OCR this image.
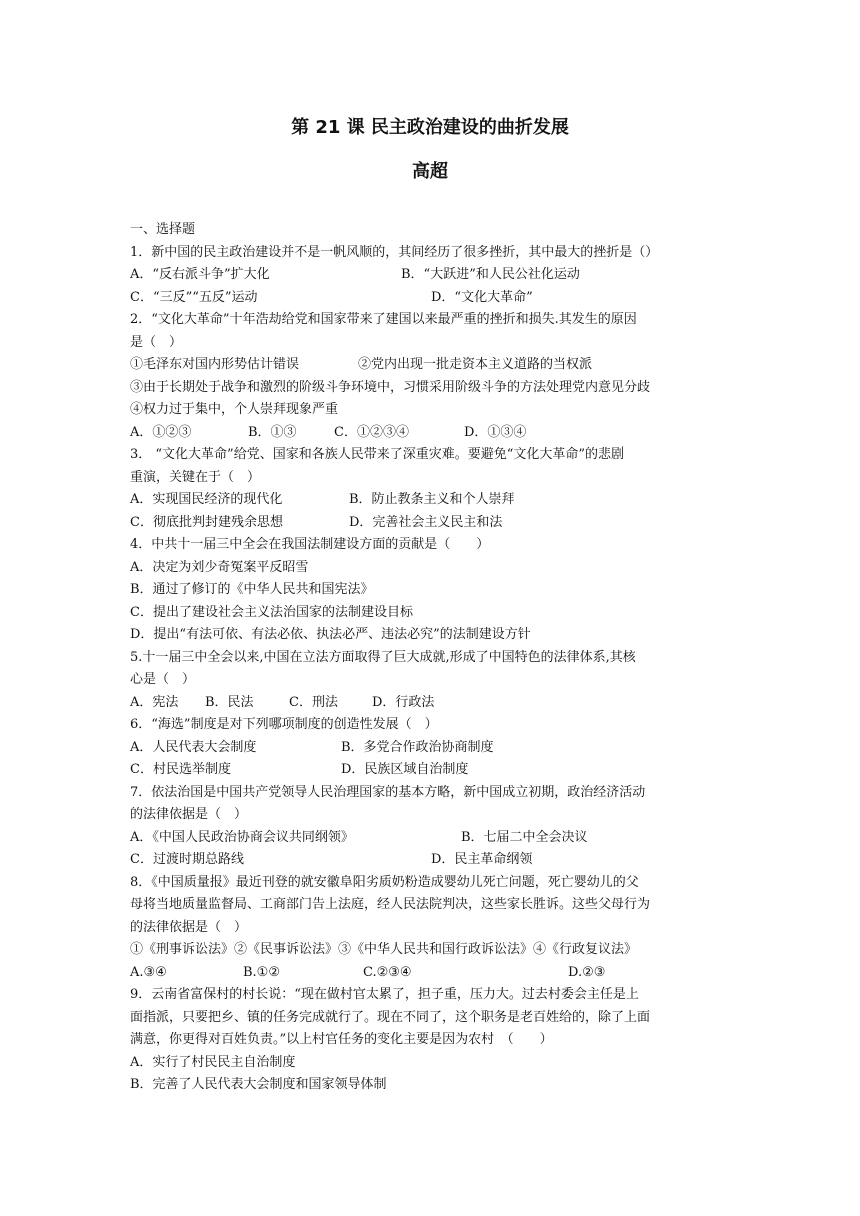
第 21 课 民主政治建设的曲折发展
高超
一、选择题
1．新中国的民主政治建设并不是一帆风顺的，其间经历了很多挫折，其中最大的挫折是（）
A．“反右派斗争”扩大化	B．“大跃进”和人民公社化运动
C．“三反”“五反”运动	D．“文化大革命”
2．“文化大革命”十年浩劫给党和国家带来了建国以来最严重的挫折和损失.其发生的原因
是（　）
①毛泽东对国内形势估计错误	②党内出现一批走资本主义道路的当权派
③由于长期处于战争和激烈的阶级斗争环境中，习惯采用阶级斗争的方法处理党内意见分歧
④权力过于集中，个人崇拜现象严重
A．①②③	B．①③	C．①②③④	D．①③④
3． “文化大革命”给党、国家和各族人民带来了深重灾难。要避免“文化大革命”的悲剧
重演，关键在于（　）
A．实现国民经济的现代化	B．防止教条主义和个人崇拜
C．彻底批判封建残余思想	D．完善社会主义民主和法
4．中共十一届三中全会在我国法制建设方面的贡献是（　　）
A．决定为刘少奇冤案平反昭雪
B．通过了修订的《中华人民共和国宪法》
C．提出了建设社会主义法治国家的法制建设目标
D．提出“有法可依、有法必依、执法必严、违法必究”的法制建设方针
5.十一届三中全会以来,中国在立法方面取得了巨大成就,形成了中国特色的法律体系,其核
心是（　）
A．宪法	B．民法	C．刑法	D．行政法
6．“海选”制度是对下列哪项制度的创造性发展（　）
A．人民代表大会制度	B．多党合作政治协商制度
C．村民选举制度	D．民族区域自治制度
7．依法治国是中国共产党领导人民治理国家的基本方略，新中国成立初期，政治经济活动
的法律依据是（　）
A．《中国人民政治协商会议共同纲领》	B．七届二中全会决议
C．过渡时期总路线	D．民主革命纲领
8．《中国质量报》最近刊登的就安徽阜阳劣质奶粉造成婴幼儿死亡问题，死亡婴幼儿的父
母将当地质量监督局、工商部门告上法庭，经人民法院判决，这些家长胜诉。这些父母行为
的法律依据是（　）
①《刑事诉讼法》②《民事诉讼法》③《中华人民共和国行政诉讼法》④《行政复议法》
A.③④	B.①②	C.②③④	D.②③
9．云南省富保村的村长说：“现在做村官太累了，担子重，压力大。过去村委会主任是上
面指派，只要把乡、镇的任务完成就行了。现在不同了，这个职务是老百姓给的，除了上面
满意，你更得对百姓负责。”以上村官任务的变化主要是因为农村　（　　）
A．实行了村民民主自治制度
B．完善了人民代表大会制度和国家领导体制
